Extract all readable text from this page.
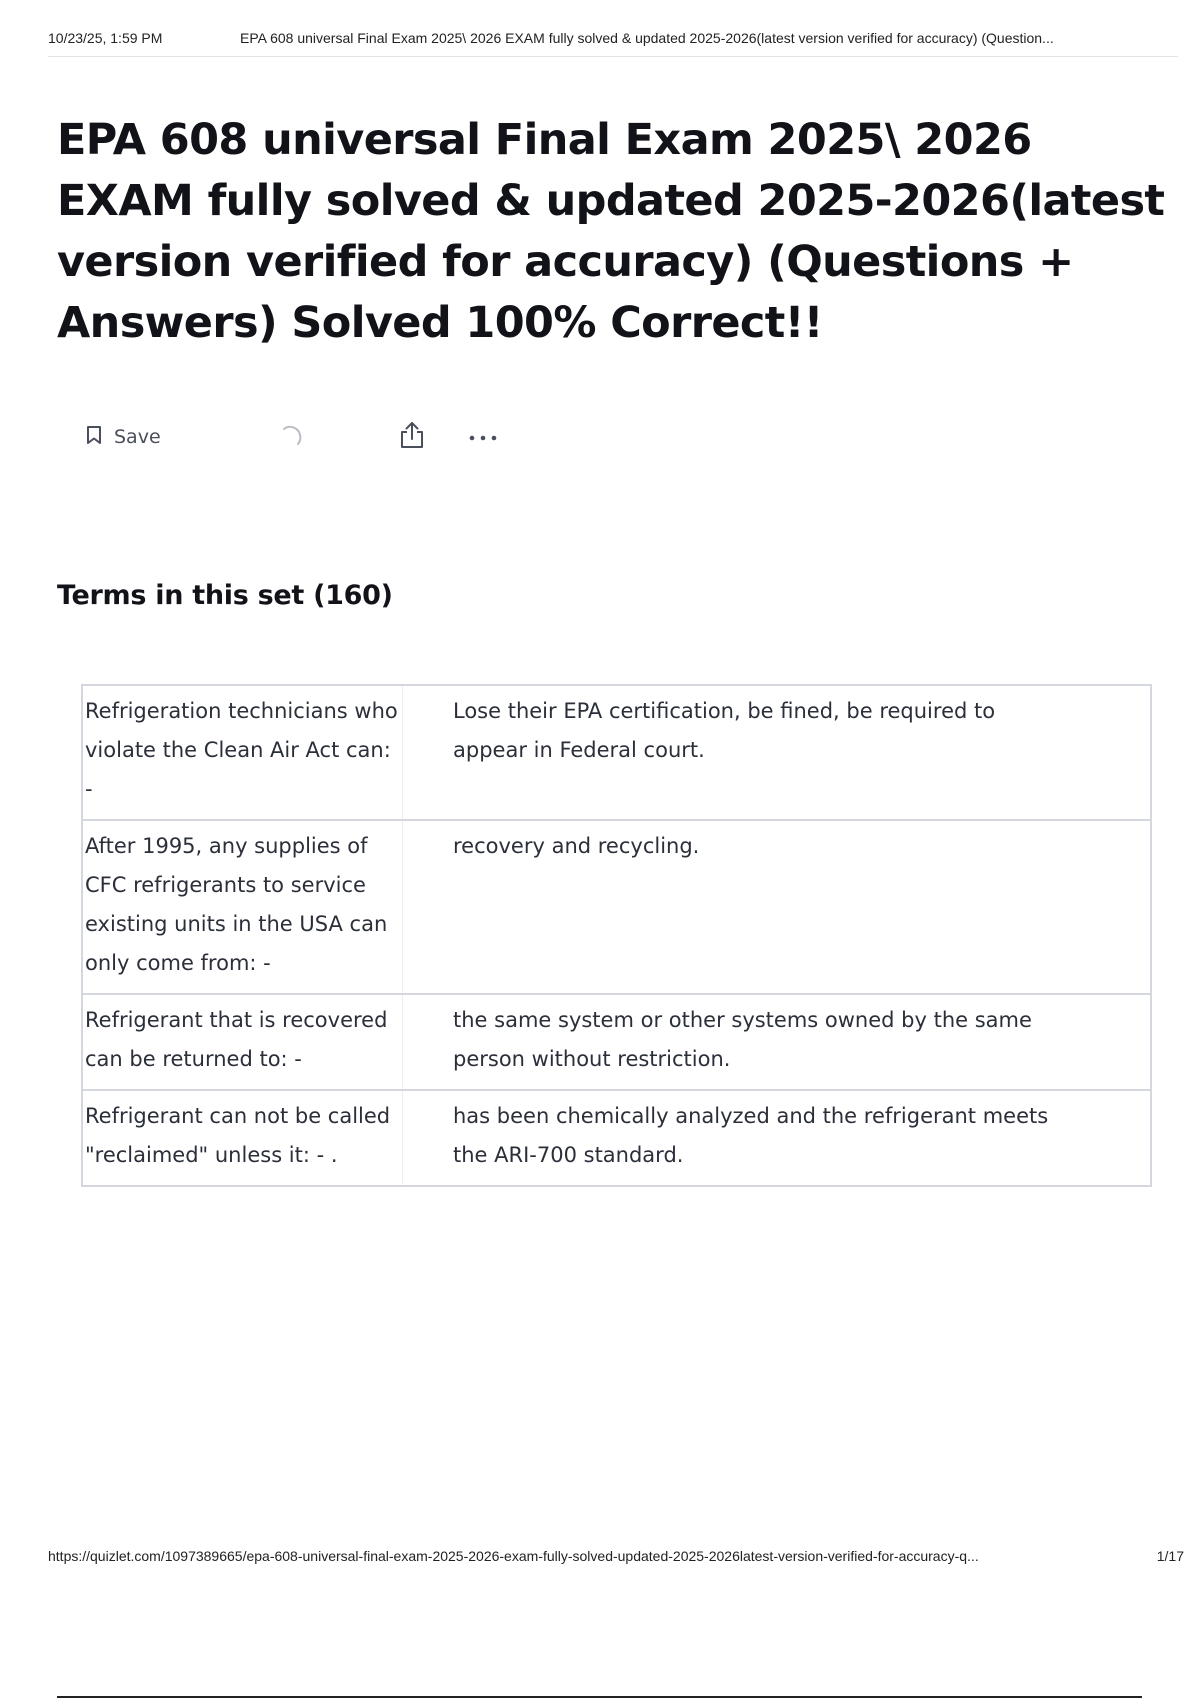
10/23/25, 1:59 PM	EPA 608 universal Final Exam 2025\ 2026 EXAM fully solved & updated 2025-2026(latest version verified for accuracy) (Question...
EPA 608 universal Final Exam 2025\ 2026 EXAM fully solved & updated 2025-2026(latest version verified for accuracy) (Questions + Answers) Solved 100% Correct!!
Save
Terms in this set (160)
Refrigeration technicians who violate the Clean Air Act can: -
Lose their EPA certification, be fined, be required to appear in Federal court.
After 1995, any supplies of CFC refrigerants to service existing units in the USA can only come from: -
recovery and recycling.
Refrigerant that is recovered can be returned to: -
the same system or other systems owned by the same person without restriction.
Refrigerant can not be called "reclaimed" unless it: - .
has been chemically analyzed and the refrigerant meets the ARI-700 standard.
https://quizlet.com/1097389665/epa-608-universal-final-exam-2025-2026-exam-fully-solved-updated-2025-2026latest-version-verified-for-accuracy-q...	1/17
